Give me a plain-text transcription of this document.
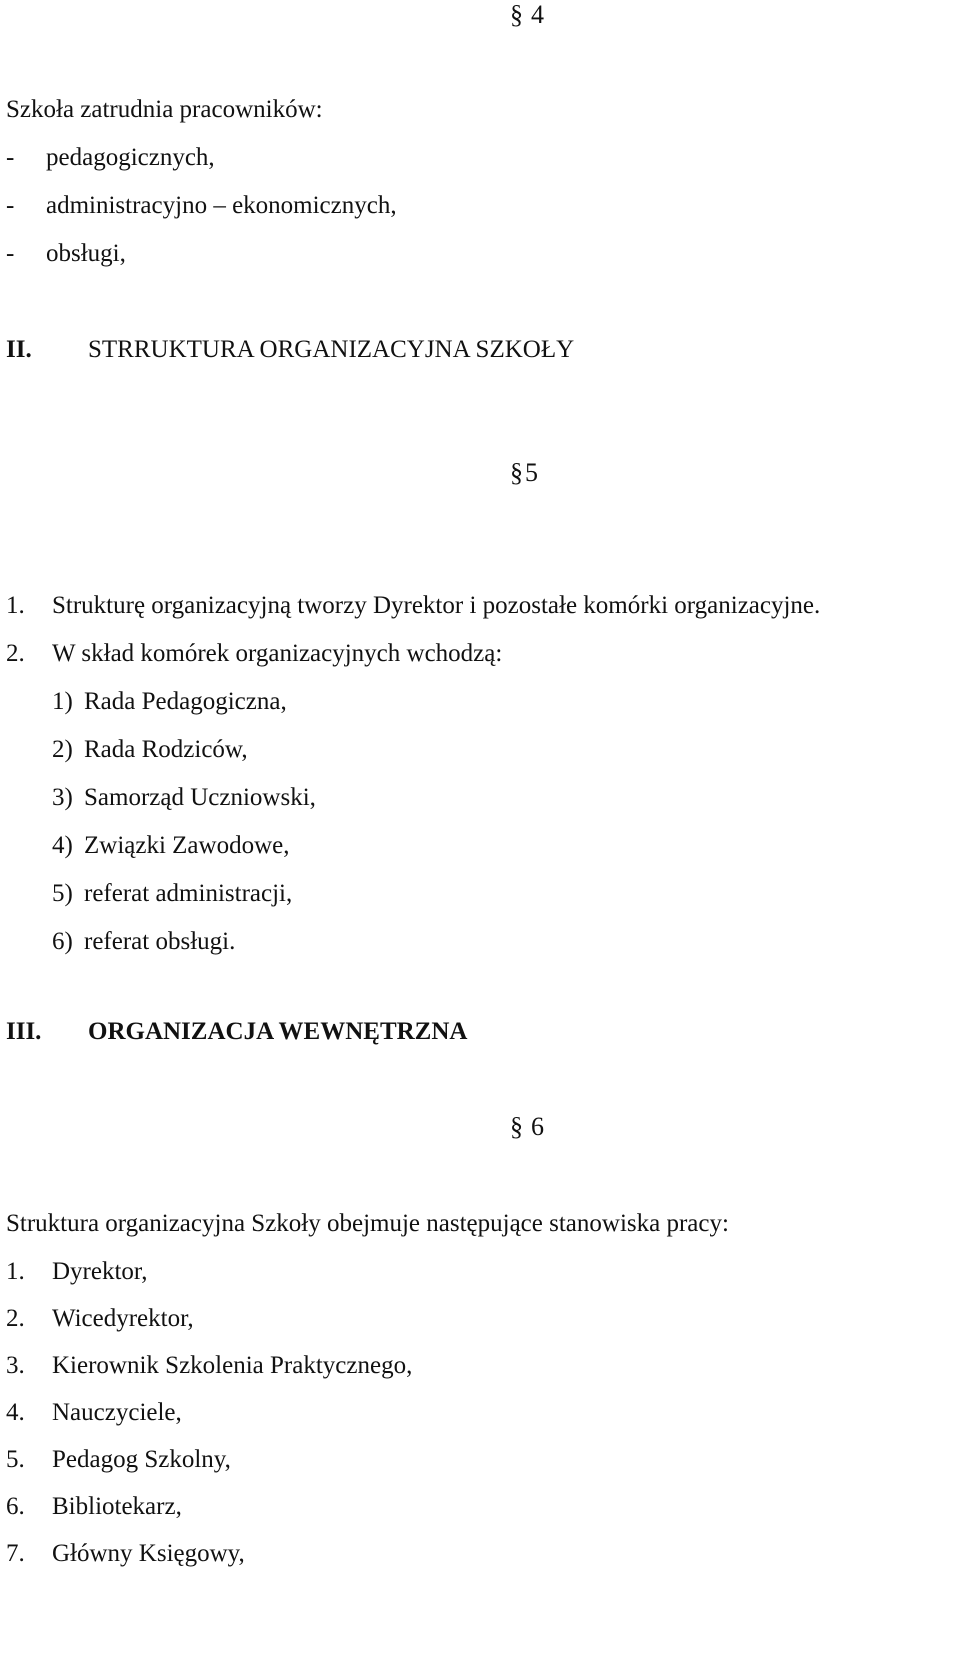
§ 4
Szkoła zatrudnia pracowników:
- pedagogicznych,
- administracyjno – ekonomicznych,
- obsługi,
II. STRRUKTURA ORGANIZACYJNA SZKOŁY
§5
1. Strukturę organizacyjną tworzy Dyrektor i pozostałe komórki organizacyjne.
2. W skład komórek organizacyjnych wchodzą:
1) Rada Pedagogiczna,
2) Rada Rodziców,
3) Samorząd Uczniowski,
4) Związki Zawodowe,
5) referat administracji,
6) referat obsługi.
III. ORGANIZACJA WEWNĘTRZNA
§ 6
Struktura organizacyjna Szkoły obejmuje następujące stanowiska pracy:
1. Dyrektor,
2. Wicedyrektor,
3. Kierownik Szkolenia Praktycznego,
4. Nauczyciele,
5. Pedagog Szkolny,
6. Bibliotekarz,
7. Główny Księgowy,
